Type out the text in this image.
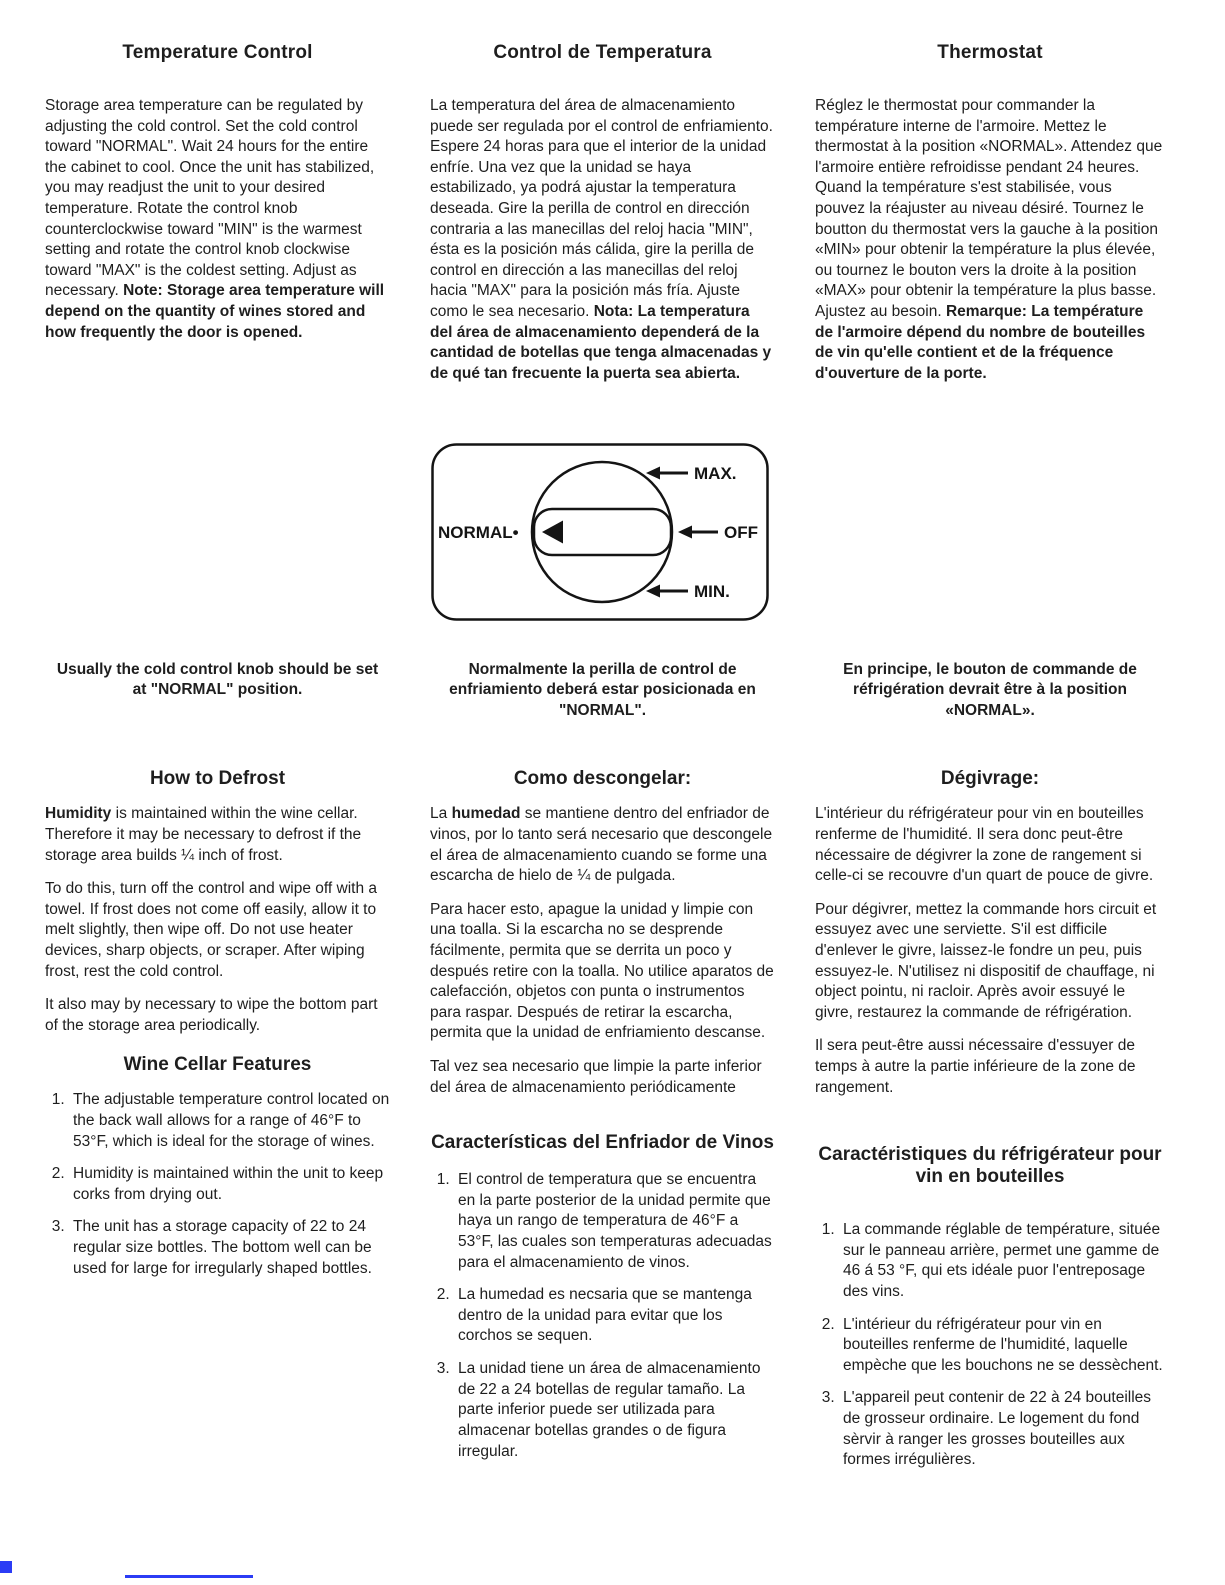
Temperature Control

Storage area temperature can be regulated by adjusting the cold control. Set the cold control toward "NORMAL". Wait 24 hours for the entire the cabinet to cool. Once the unit has stabilized, you may readjust the unit to your desired temperature. Rotate the control knob counterclockwise toward "MIN" is the warmest setting and rotate the control knob clockwise toward "MAX" is the coldest setting. Adjust as necessary. Note: Storage area temperature will depend on the quantity of wines stored and how frequently the door is opened.

Control de Temperatura

La temperatura del área de almacenamiento puede ser regulada por el control de enfriamiento. Espere 24 horas para que el interior de la unidad enfríe. Una vez que la unidad se haya estabilizado, ya podrá ajustar la temperatura deseada. Gire la perilla de control en dirección contraria a las manecillas del reloj hacia "MIN", ésta es la posición más cálida, gire la perilla de control en dirección a las manecillas del reloj hacia "MAX" para la posición más fría. Ajuste como le sea necesario. Nota: La temperatura del área de almacenamiento dependerá de la cantidad de botellas que tenga almacenadas y de qué tan frecuente la puerta sea abierta.

Thermostat

Réglez le thermostat pour commander la température interne de l'armoire. Mettez le thermostat à la position «NORMAL». Attendez que l'armoire entière refroidisse pendant 24 heures. Quand la température s'est stabilisée, vous pouvez la réajuster au niveau désiré. Tournez le boutton du thermostat vers la gauche à la position «MIN» pour obtenir la température la plus élevée, ou tournez le bouton vers la droite à la position «MAX» pour obtenir la température la plus basse. Ajustez au besoin. Remarque: La température de l'armoire dépend du nombre de bouteilles de vin qu'elle contient et de la fréquence d'ouverture de la porte.

NORMAL•
MAX.
OFF
MIN.

Usually the cold control knob should be set at "NORMAL" position.

Normalmente la perilla de control de enfriamiento deberá estar posicionada en "NORMAL".

En principe, le bouton de commande de réfrigération devrait être à la position «NORMAL».

How to Defrost

Humidity is maintained within the wine cellar. Therefore it may be necessary to defrost if the storage area builds ¼ inch of frost.

To do this, turn off the control and wipe off with a towel. If frost does not come off easily, allow it to melt slightly, then wipe off. Do not use heater devices, sharp objects, or scraper. After wiping frost, rest the cold control.

It also may by necessary to wipe the bottom part of the storage area periodically.

Wine Cellar Features
1. The adjustable temperature control located on the back wall allows for a range of 46°F to 53°F, which is ideal for the storage of wines.
2. Humidity is maintained within the unit to keep corks from drying out.
3. The unit has a storage capacity of 22 to 24 regular size bottles. The bottom well can be used for large for irregularly shaped bottles.
Como descongelar:

La humedad se mantiene dentro del enfriador de vinos, por lo tanto será necesario que descongele el área de almacenamiento cuando se forme una escarcha de hielo de ¼ de pulgada.

Para hacer esto, apague la unidad y limpie con una toalla. Si la escarcha no se desprende fácilmente, permita que se derrita un poco y después retire con la toalla. No utilice aparatos de calefacción, objetos con punta o instrumentos para raspar. Después de retirar la escarcha, permita que la unidad de enfriamiento descanse.

Tal vez sea necesario que limpie la parte inferior del área de almacenamiento periódicamente

Características del Enfriador de Vinos
1. El control de temperatura que se encuentra en la parte posterior de la unidad permite que haya un rango de temperatura de 46°F a 53°F, las cuales son temperaturas adecuadas para el almacenamiento de vinos.
2. La humedad es necsaria que se mantenga dentro de la unidad para evitar que los corchos se sequen.
3. La unidad tiene un área de almacenamiento de 22 a 24 botellas de regular tamaño. La parte inferior puede ser utilizada para almacenar botellas grandes o de figura irregular.
Dégivrage:

L'intérieur du réfrigérateur pour vin en bouteilles renferme de l'humidité. Il sera donc peut-être nécessaire de dégivrer la zone de rangement si celle-ci se recouvre d'un quart de pouce de givre.

Pour dégivrer, mettez la commande hors circuit et essuyez avec une serviette. S'il est difficile d'enlever le givre, laissez-le fondre un peu, puis essuyez-le. N'utilisez ni dispositif de chauffage, ni object pointu, ni racloir. Après avoir essuyé le givre, restaurez la commande de réfrigération.

Il sera peut-être aussi nécessaire d'essuyer de temps à autre la partie inférieure de la zone de rangement.

Caractéristiques du réfrigérateur pour vin en bouteilles
1. La commande réglable de température, située sur le panneau arrière, permet une gamme de 46 á 53 °F, qui ets idéale puor l'entreposage des vins.
2. L'intérieur du réfrigérateur pour vin en bouteilles renferme de l'humidité, laquelle empèche que les bouchons ne se dessèchent.
3. L'appareil peut contenir de 22 à 24 bouteilles de grosseur ordinaire. Le logement du fond sèrvir à ranger les grosses bouteilles aux formes irrégulières.
